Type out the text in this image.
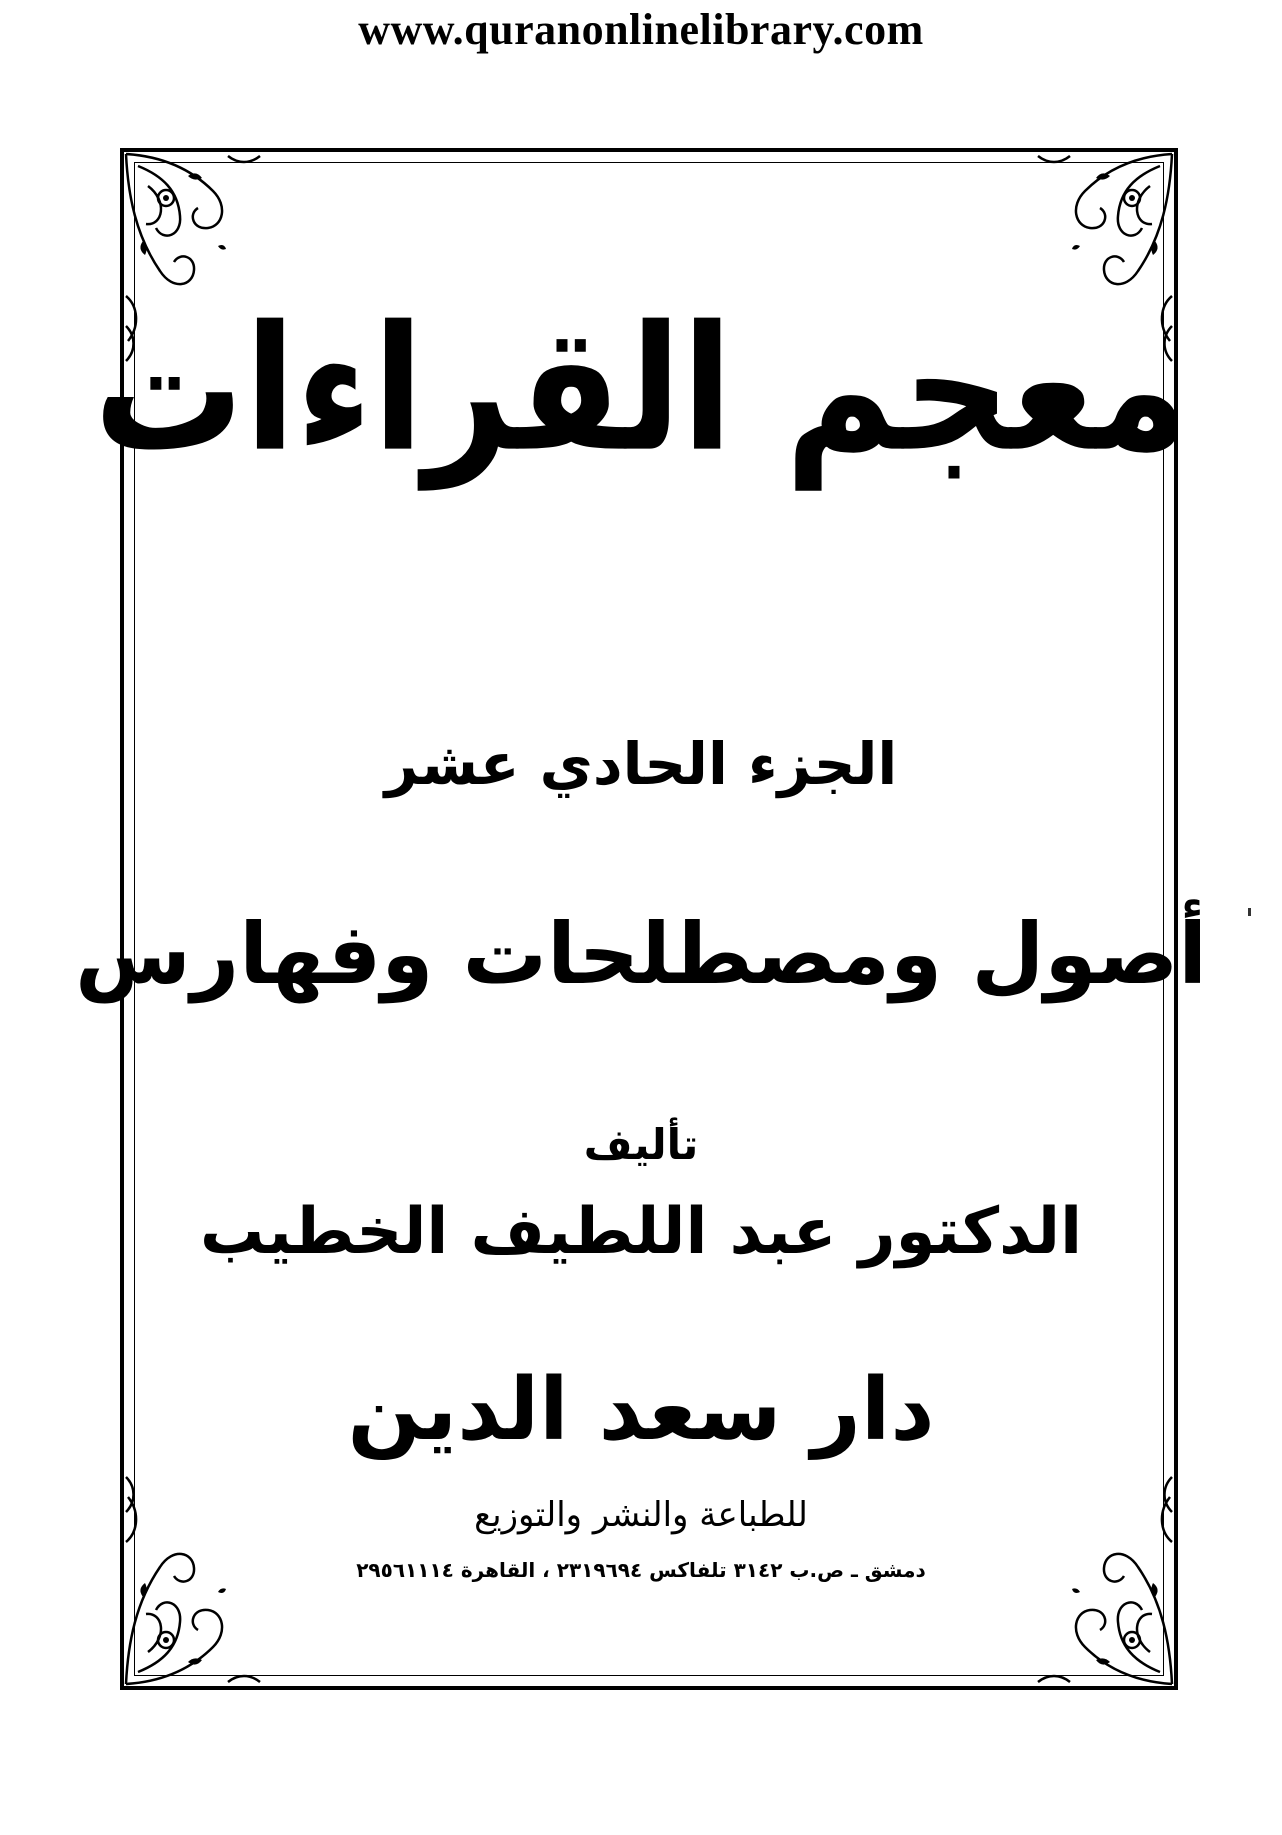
www.quranonlinelibrary.com
معجم القراءات
الجزء الحادي عشر
أصول ومصطلحات وفهارس
تأليف
الدكتور عبد اللطيف الخطيب
دار سعد الدين
للطباعة والنشر والتوزيع
دمشق ـ ص.ب ٣١٤٢ تلفاكس ٢٣١٩٦٩٤ ، القاهرة ٢٩٥٦١١١٤
